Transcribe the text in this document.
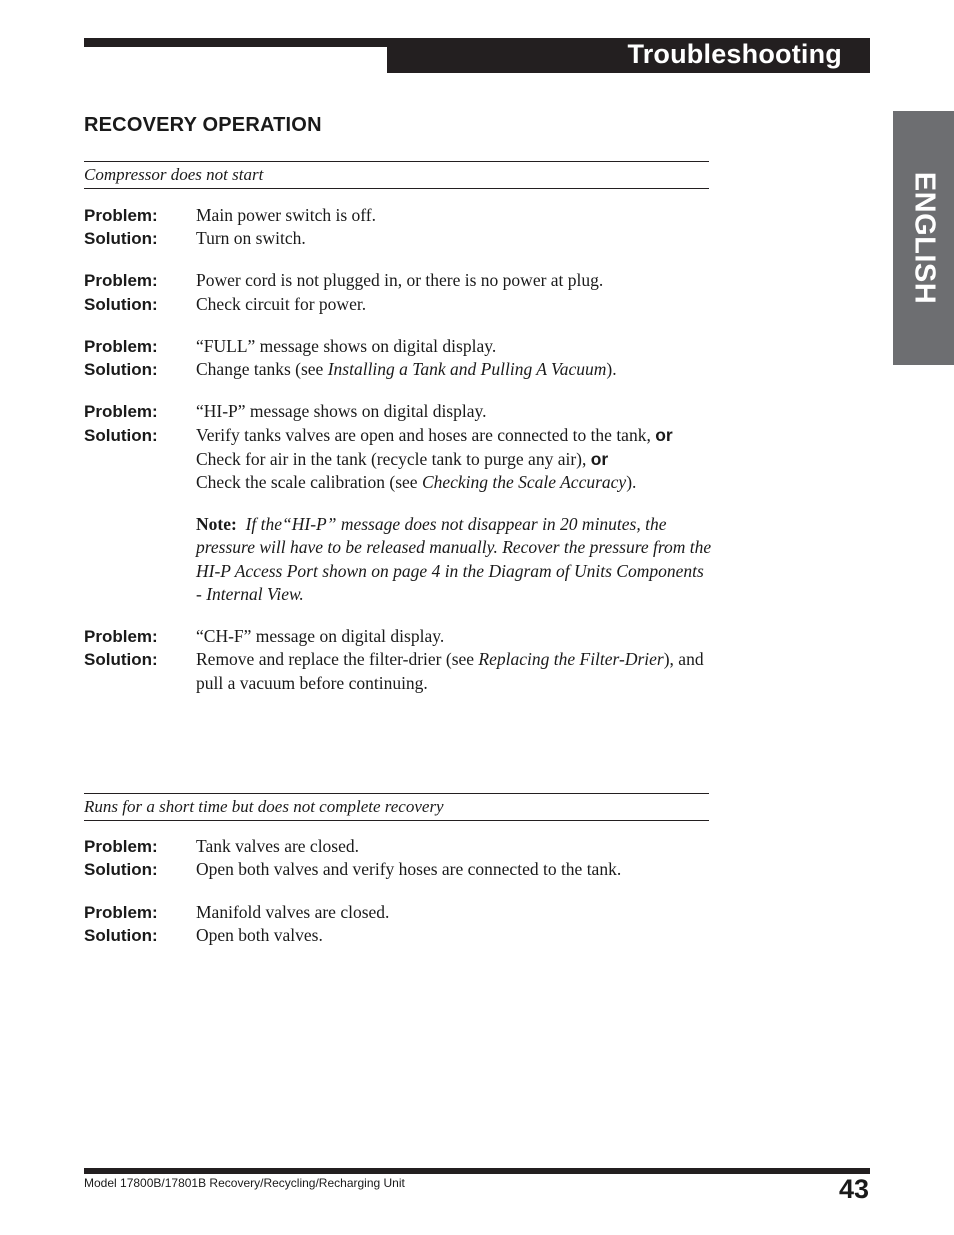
Troubleshooting
ENGLISH
RECOVERY OPERATION
Compressor does not start
Problem: Main power switch is off.
Solution: Turn on switch.
Problem: Power cord is not plugged in, or there is no power at plug.
Solution: Check circuit for power.
Problem: “FULL” message shows on digital display.
Solution: Change tanks (see Installing a Tank and Pulling A Vacuum).
Problem: “HI-P” message shows on digital display.
Solution: Verify tanks valves are open and hoses are connected to the tank, or
Check for air in the tank (recycle tank to purge any air), or
Check the scale calibration (see Checking the Scale Accuracy).
Note: If the“HI-P” message does not disappear in 20 minutes, the pressure will have to be released manually. Recover the pressure from the HI-P Access Port shown on page 4 in the Diagram of Units Components - Internal View.
Problem: “CH-F” message on digital display.
Solution: Remove and replace the filter-drier (see Replacing the Filter-Drier), and pull a vacuum before continuing.
Runs for a short time but does not complete recovery
Problem: Tank valves are closed.
Solution: Open both valves and verify hoses are connected to the tank.
Problem: Manifold valves are closed.
Solution: Open both valves.
Model 17800B/17801B Recovery/Recycling/Recharging Unit	43
